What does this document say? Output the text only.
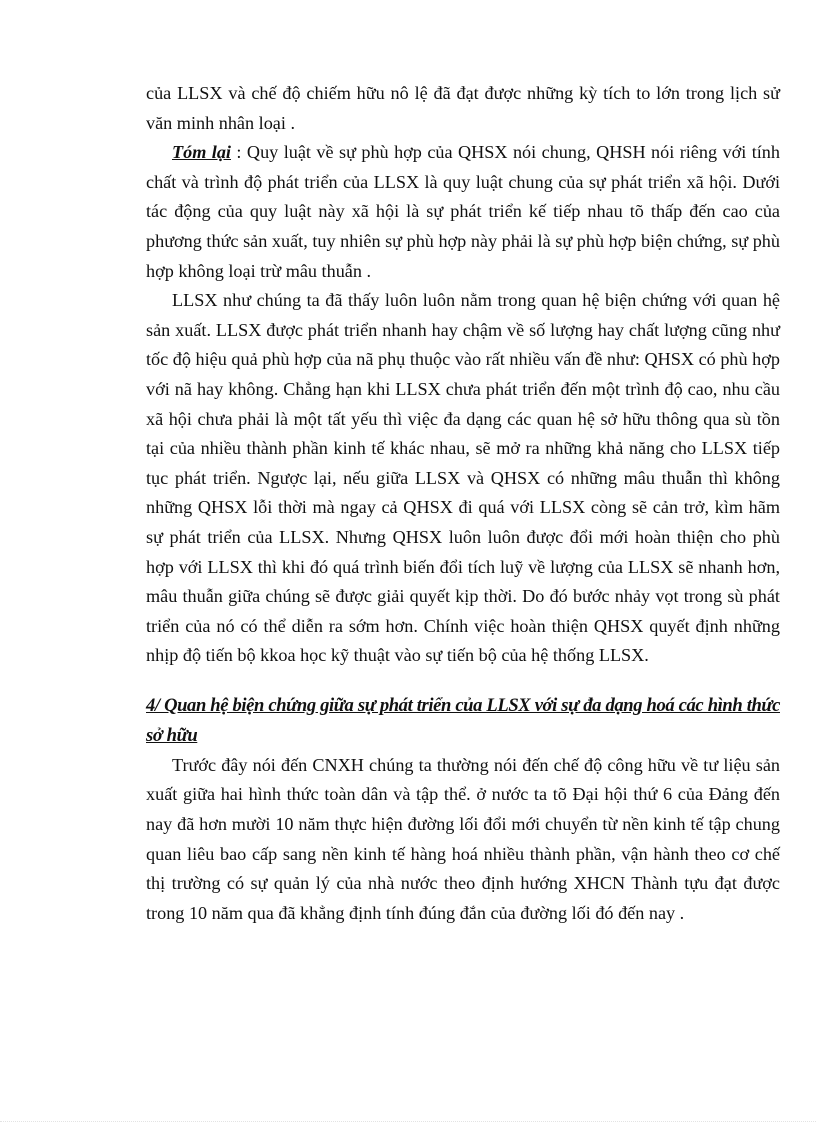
của LLSX và chế độ chiếm hữu nô lệ đã đạt được những kỳ tích to lớn trong lịch sử văn minh nhân loại .

Tóm lại : Quy luật về sự phù hợp của QHSX nói chung, QHSH nói riêng với tính chất và trình độ phát triển của LLSX là quy luật chung của sự phát triển xã hội. Dưới tác động của quy luật này xã hội là sự phát triển kế tiếp nhau tõ thấp đến cao của phương thức sản xuất, tuy nhiên sự phù hợp này phải là sự phù hợp biện chứng, sự phù hợp không loại trừ mâu thuẫn .

LLSX như chúng ta đã thấy luôn luôn nằm trong quan hệ biện chứng với quan hệ sản xuất. LLSX được phát triển nhanh hay chậm về số lượng hay chất lượng cũng như tốc độ hiệu quả phù hợp của nã phụ thuộc vào rất nhiều vấn đề như: QHSX có phù hợp với nã hay không. Chẳng hạn khi LLSX chưa phát triển đến một trình độ cao, nhu cầu xã hội chưa phải là một tất yếu thì việc đa dạng các quan hệ sở hữu thông qua sù tồn tại của nhiều thành phần kinh tế khác nhau, sẽ mở ra những khả năng cho LLSX tiếp tục phát triển. Ngược lại, nếu giữa LLSX và QHSX có những mâu thuẫn thì không những QHSX lỗi thời mà ngay cả QHSX đi quá với LLSX còng sẽ cản trở, kìm hãm sự phát triển của LLSX. Nhưng QHSX luôn luôn được đổi mới hoàn thiện cho phù hợp với LLSX thì khi đó quá trình biến đổi tích luỹ về lượng của LLSX sẽ nhanh hơn, mâu thuẫn giữa chúng sẽ được giải quyết kịp thời. Do đó bước nhảy vọt trong sù phát triển của nó có thể diễn ra sớm hơn. Chính việc hoàn thiện QHSX quyết định những nhịp độ tiến bộ kkoa học kỹ thuật vào sự tiến bộ của hệ thống LLSX.

4/ Quan hệ biện chứng giữa sự phát triển của LLSX với sự đa dạng hoá các hình thức sở hữu

Trước đây nói đến CNXH chúng ta thường nói đến chế độ công hữu về tư liệu sản xuất giữa hai hình thức toàn dân và tập thể. ở nước ta tõ Đại hội thứ 6 của Đảng đến nay đã hơn mười 10 năm thực hiện đường lối đổi mới chuyển từ nền kinh tế tập chung quan liêu bao cấp sang nền kinh tế hàng hoá nhiều thành phần, vận hành theo cơ chế thị trường có sự quản lý của nhà nước theo định hướng XHCN Thành tựu đạt được trong 10 năm qua đã khẳng định tính đúng đắn của đường lối đó đến nay .
